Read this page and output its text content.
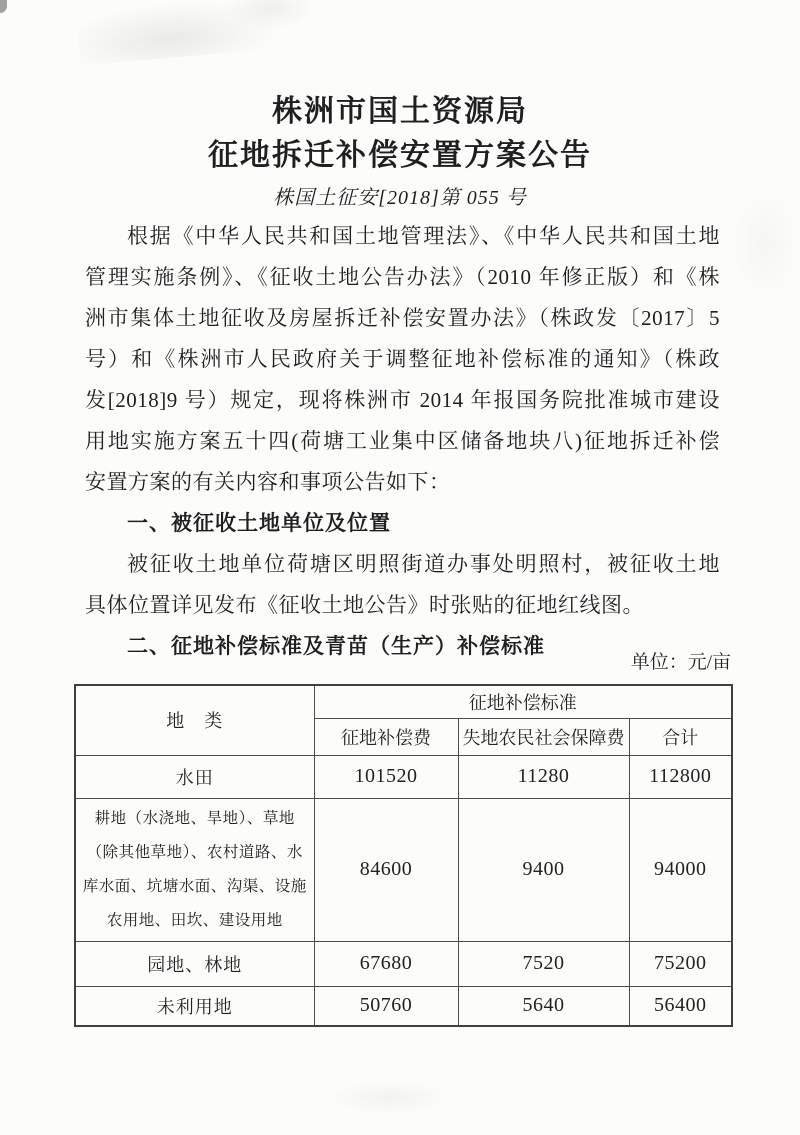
株洲市国土资源局
征地拆迁补偿安置方案公告
株国土征安[2018]第 055 号
根据《中华人民共和国土地管理法》、《中华人民共和国土地
管理实施条例》、《征收土地公告办法》（2010 年修正版）和《株
洲市集体土地征收及房屋拆迁补偿安置办法》（株政发〔2017〕5
号）和《株洲市人民政府关于调整征地补偿标准的通知》（株政
发[2018]9 号）规定，现将株洲市 2014 年报国务院批准城市建设
用地实施方案五十四(荷塘工业集中区储备地块八)征地拆迁补偿
安置方案的有关内容和事项公告如下：
一、被征收土地单位及位置
被征收土地单位荷塘区明照街道办事处明照村，被征收土地
具体位置详见发布《征收土地公告》时张贴的征地红线图。
二、征地补偿标准及青苗（生产）补偿标准
单位：元/亩
地　类	征地补偿标准		
	征地补偿费	失地农民社会保障费	合计
水田	101520	11280	112800
耕地（水浇地、旱地）、草地（除其他草地）、农村道路、水库水面、坑塘水面、沟渠、设施农用地、田坎、建设用地	84600	9400	94000
园地、林地	67680	7520	75200
未利用地	50760	5640	56400
